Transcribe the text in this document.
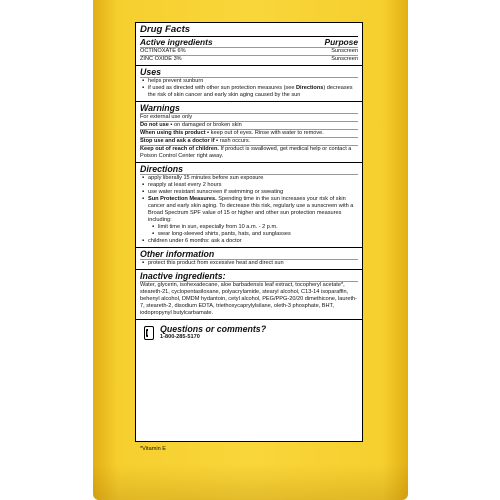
Drug Facts
Active ingredients	Purpose
OCTINOXATE 6%	Sunscreen
ZINC OXIDE 3%	Sunscreen
Uses
▪ helps prevent sunburn
▪ if used as directed with other sun protection measures (see Directions) decreases the risk of skin cancer and early skin aging caused by the sun
Warnings
For external use only
Do not use ▪ on damaged or broken skin
When using this product ▪ keep out of eyes. Rinse with water to remove.
Stop use and ask a doctor if ▪ rash occurs.
Keep out of reach of children. If product is swallowed, get medical help or contact a Poison Control Center right away.
Directions
▪ apply liberally 15 minutes before sun exposure
▪ reapply at least every 2 hours
▪ use water resistant sunscreen if swimming or sweating
▪ Sun Protection Measures. Spending time in the sun increases your risk of skin cancer and early skin aging. To decrease this risk, regularly use a sunscreen with a Broad Spectrum SPF value of 15 or higher and other sun protection measures including:
▪ limit time in sun, especially from 10 a.m. - 2 p.m.
▪ wear long-sleeved shirts, pants, hats, and sunglasses
▪ children under 6 months: ask a doctor
Other information
▪ protect this product from excessive heat and direct sun
Inactive ingredients:
Water, glycerin, isohexadecane, aloe barbadensis leaf extract, tocopheryl acetate*, steareth-21, cyclopentasiloxane, polyacrylamide, stearyl alcohol, C13-14 isoparaffin, behenyl alcohol, DMDM hydantoin, cetyl alcohol, PEG/PPG-20/20 dimethicone, laureth-7, steareth-2, disodium EDTA, triethoxycaprylylsilane, oleth-3 phosphate, BHT, iodopropynyl butylcarbamate.
Questions or comments?
1-800-285-5170
*Vitamin E
